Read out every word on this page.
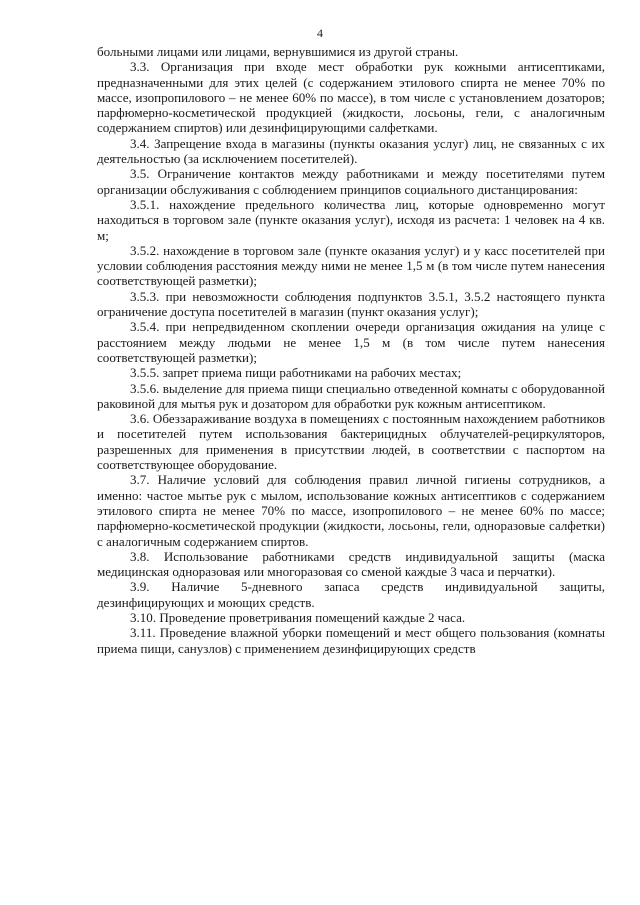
4

больными лицами или лицами, вернувшимися из другой страны.

3.3. Организация при входе мест обработки рук кожными антисептиками, предназначенными для этих целей (с содержанием этилового спирта не менее 70% по массе, изопропилового – не менее 60% по массе), в том числе с установлением дозаторов; парфюмерно-косметической продукцией (жидкости, лосьоны, гели, с аналогичным содержанием спиртов) или дезинфицирующими салфетками.

3.4. Запрещение входа в магазины (пункты оказания услуг) лиц, не связанных с их деятельностью (за исключением посетителей).

3.5. Ограничение контактов между работниками и между посетителями путем организации обслуживания с соблюдением принципов социального дистанцирования:

3.5.1. нахождение предельного количества лиц, которые одновременно могут находиться в торговом зале (пункте оказания услуг), исходя из расчета: 1 человек на 4 кв. м;

3.5.2. нахождение в торговом зале (пункте оказания услуг) и у касс посетителей при условии соблюдения расстояния между ними не менее 1,5 м (в том числе путем нанесения соответствующей разметки);

3.5.3. при невозможности соблюдения подпунктов 3.5.1, 3.5.2 настоящего пункта ограничение доступа посетителей в магазин (пункт оказания услуг);

3.5.4. при непредвиденном скоплении очереди организация ожидания на улице с расстоянием между людьми не менее 1,5 м (в том числе путем нанесения соответствующей разметки);

3.5.5. запрет приема пищи работниками на рабочих местах;

3.5.6. выделение для приема пищи специально отведенной комнаты с оборудованной раковиной для мытья рук и дозатором для обработки рук кожным антисептиком.

3.6. Обеззараживание воздуха в помещениях с постоянным нахождением работников и посетителей путем использования бактерицидных облучателей-рециркуляторов, разрешенных для применения в присутствии людей, в соответствии с паспортом на соответствующее оборудование.

3.7. Наличие условий для соблюдения правил личной гигиены сотрудников, а именно: частое мытье рук с мылом, использование кожных антисептиков с содержанием этилового спирта не менее 70% по массе, изопропилового – не менее 60% по массе; парфюмерно-косметической продукции (жидкости, лосьоны, гели, одноразовые салфетки) с аналогичным содержанием спиртов.

3.8. Использование работниками средств индивидуальной защиты (маска медицинская одноразовая или многоразовая со сменой каждые 3 часа и перчатки).

3.9. Наличие 5-дневного запаса средств индивидуальной защиты, дезинфицирующих и моющих средств.

3.10. Проведение проветривания помещений каждые 2 часа.

3.11. Проведение влажной уборки помещений и мест общего пользования (комнаты приема пищи, санузлов) с применением дезинфицирующих средств
